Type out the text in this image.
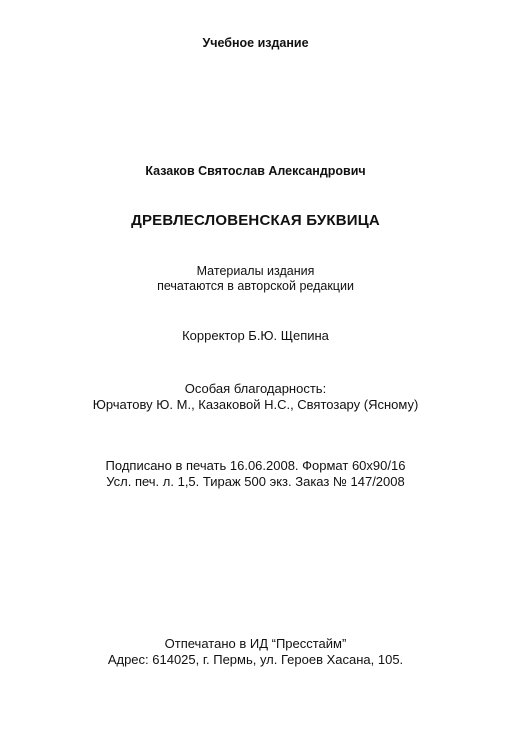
Учебное издание
Казаков Святослав Александрович
ДРЕВЛЕСЛОВЕНСКАЯ БУКВИЦА
Материалы издания
печатаются в авторской редакции
Корректор Б.Ю. Щепина
Особая благодарность:
Юрчатову Ю. М., Казаковой Н.С., Святозару (Ясному)
Подписано в печать 16.06.2008. Формат 60х90/16
Усл. печ. л. 1,5. Тираж 500 экз. Заказ № 147/2008
Отпечатано в ИД “Пресстайм”
Адрес: 614025, г. Пермь, ул. Героев Хасана, 105.
